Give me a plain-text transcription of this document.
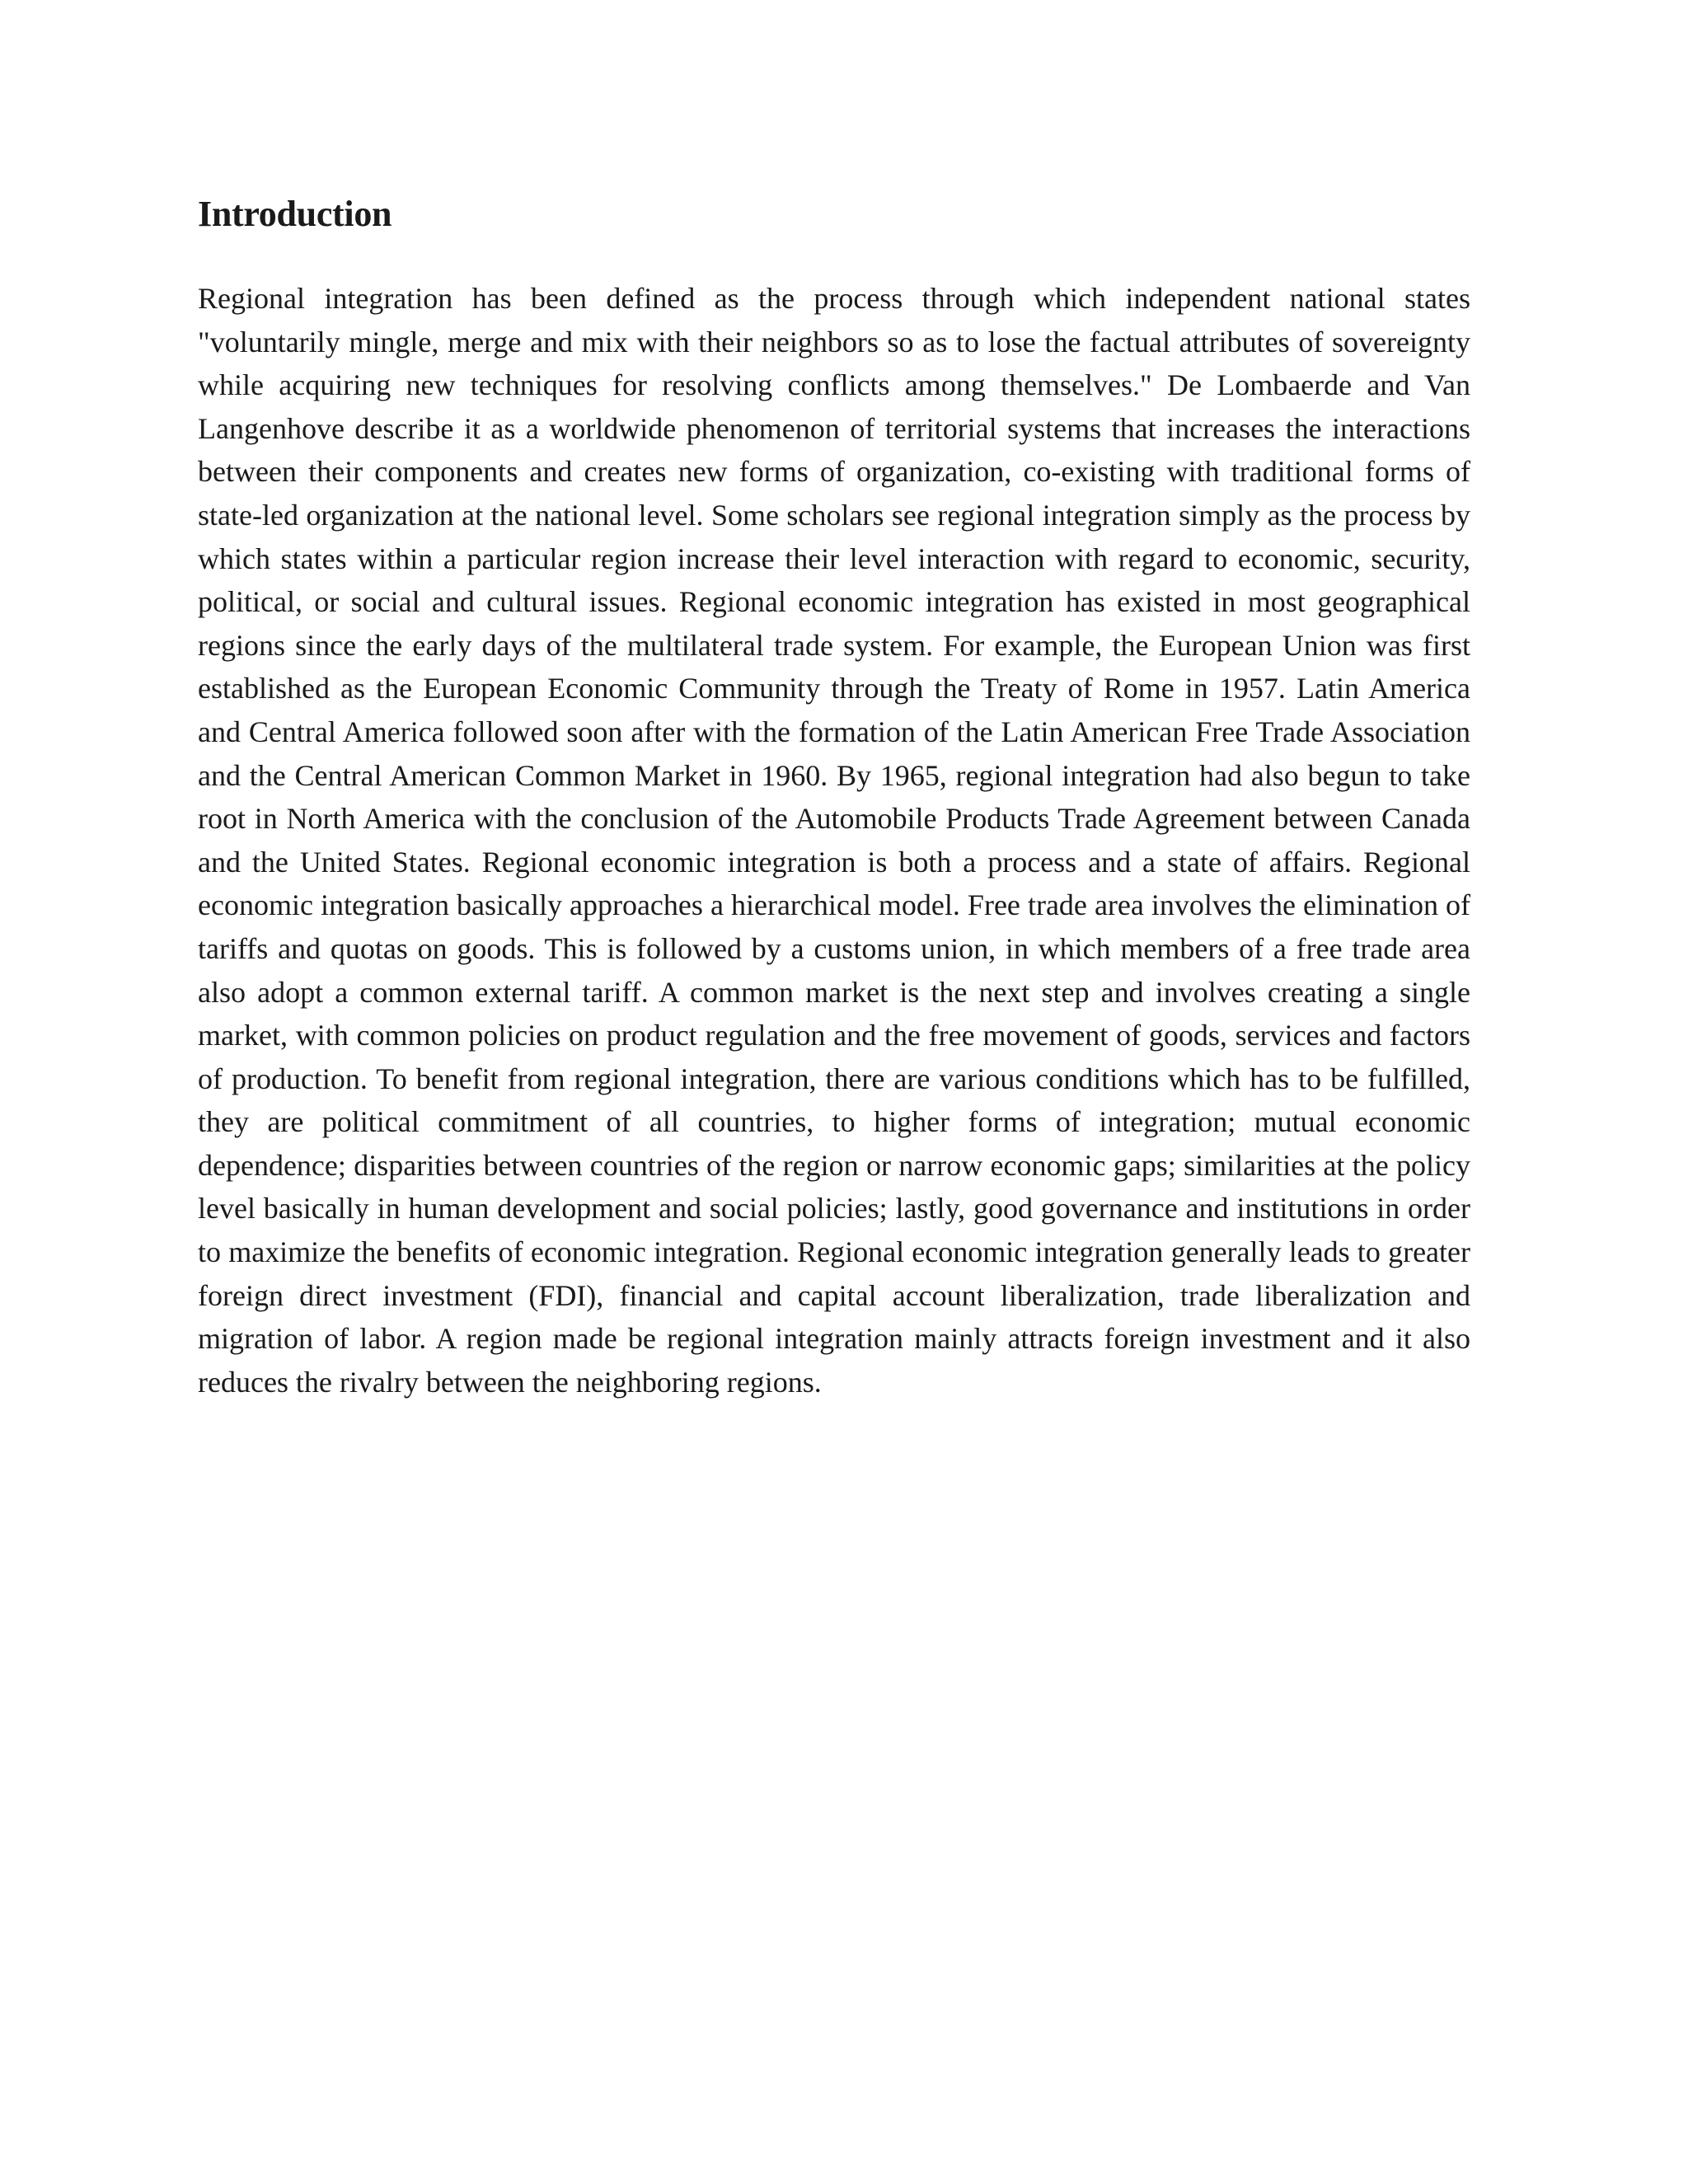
Introduction

Regional integration has been defined as the process through which independent national states "voluntarily mingle, merge and mix with their neighbors so as to lose the factual attributes of sovereignty while acquiring new techniques for resolving conflicts among themselves." De Lombaerde and Van Langenhove describe it as a worldwide phenomenon of territorial systems that increases the interactions between their components and creates new forms of organization, co-existing with traditional forms of state-led organization at the national level. Some scholars see regional integration simply as the process by which states within a particular region increase their level interaction with regard to economic, security, political, or social and cultural issues. Regional economic integration has existed in most geographical regions since the early days of the multilateral trade system. For example, the European Union was first established as the European Economic Community through the Treaty of Rome in 1957. Latin America and Central America followed soon after with the formation of the Latin American Free Trade Association and the Central American Common Market in 1960. By 1965, regional integration had also begun to take root in North America with the conclusion of the Automobile Products Trade Agreement between Canada and the United States. Regional economic integration is both a process and a state of affairs. Regional economic integration basically approaches a hierarchical model. Free trade area involves the elimination of tariffs and quotas on goods. This is followed by a customs union, in which members of a free trade area also adopt a common external tariff. A common market is the next step and involves creating a single market, with common policies on product regulation and the free movement of goods, services and factors of production. To benefit from regional integration, there are various conditions which has to be fulfilled, they are political commitment of all countries, to higher forms of integration; mutual economic dependence; disparities between countries of the region or narrow economic gaps; similarities at the policy level basically in human development and social policies; lastly, good governance and institutions in order to maximize the benefits of economic integration. Regional economic integration generally leads to greater foreign direct investment (FDI), financial and capital account liberalization, trade liberalization and migration of labor. A region made be regional integration mainly attracts foreign investment and it also reduces the rivalry between the neighboring regions.
